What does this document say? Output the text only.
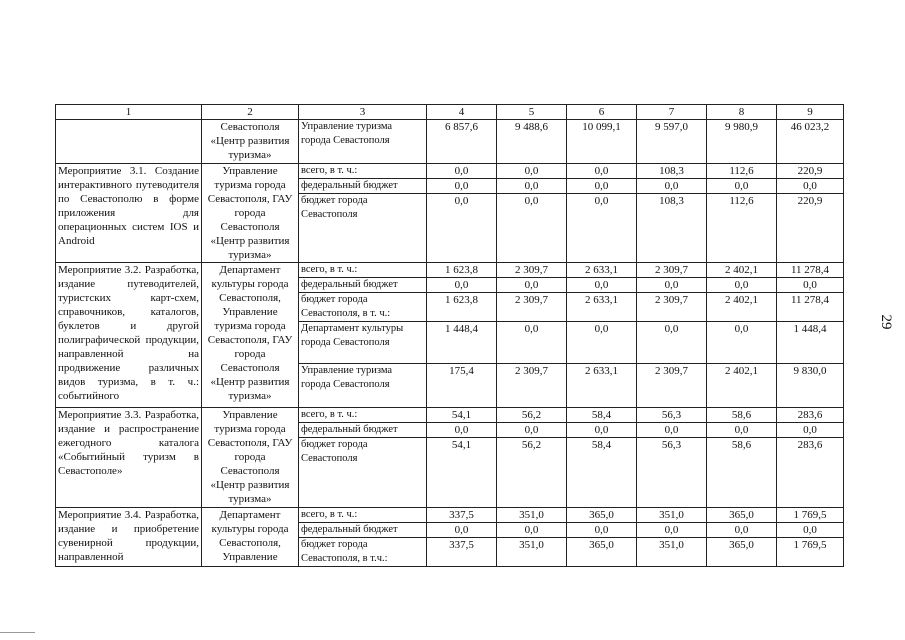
29
1	2	3	4	5	6	7	8	9
	Севастополя «Центр развития туризма»	Управление туризма города Севастополя	6 857,6	9 488,6	10 099,1	9 597,0	9 980,9	46 023,2
Мероприятие 3.1. Создание интерактивного путеводителя по Севастополю в форме приложения для операционных систем IOS и Android	Управление туризма города Севастополя, ГАУ города Севастополя «Центр развития туризма»	всего, в т. ч.:	0,0	0,0	0,0	108,3	112,6	220,9
		федеральный бюджет	0,0	0,0	0,0	0,0	0,0	0,0
		бюджет города Севастополя	0,0	0,0	0,0	108,3	112,6	220,9
Мероприятие 3.2. Разработка, издание путеводителей, туристских карт-схем, справочников, каталогов, буклетов и другой полиграфической продукции, направленной на продвижение различных видов туризма, в т. ч.: событийного	Департамент культуры города Севастополя, Управление туризма города Севастополя, ГАУ города Севастополя «Центр развития туризма»	всего, в т. ч.:	1 623,8	2 309,7	2 633,1	2 309,7	2 402,1	11 278,4
		федеральный бюджет	0,0	0,0	0,0	0,0	0,0	0,0
		бюджет города Севастополя, в т. ч.:	1 623,8	2 309,7	2 633,1	2 309,7	2 402,1	11 278,4
		Департамент культуры города Севастополя	1 448,4	0,0	0,0	0,0	0,0	1 448,4
		Управление туризма города Севастополя	175,4	2 309,7	2 633,1	2 309,7	2 402,1	9 830,0
Мероприятие 3.3. Разработка, издание и распространение ежегодного каталога «Событийный туризм в Севастополе»	Управление туризма города Севастополя, ГАУ города Севастополя «Центр развития туризма»	всего, в т. ч.:	54,1	56,2	58,4	56,3	58,6	283,6
		федеральный бюджет	0,0	0,0	0,0	0,0	0,0	0,0
		бюджет города Севастополя	54,1	56,2	58,4	56,3	58,6	283,6
Мероприятие 3.4. Разработка, издание и приобретение сувенирной продукции, направленной	Департамент культуры города Севастополя, Управление	всего, в т. ч.:	337,5	351,0	365,0	351,0	365,0	1 769,5
		федеральный бюджет	0,0	0,0	0,0	0,0	0,0	0,0
		бюджет города Севастополя, в т.ч.:	337,5	351,0	365,0	351,0	365,0	1 769,5
